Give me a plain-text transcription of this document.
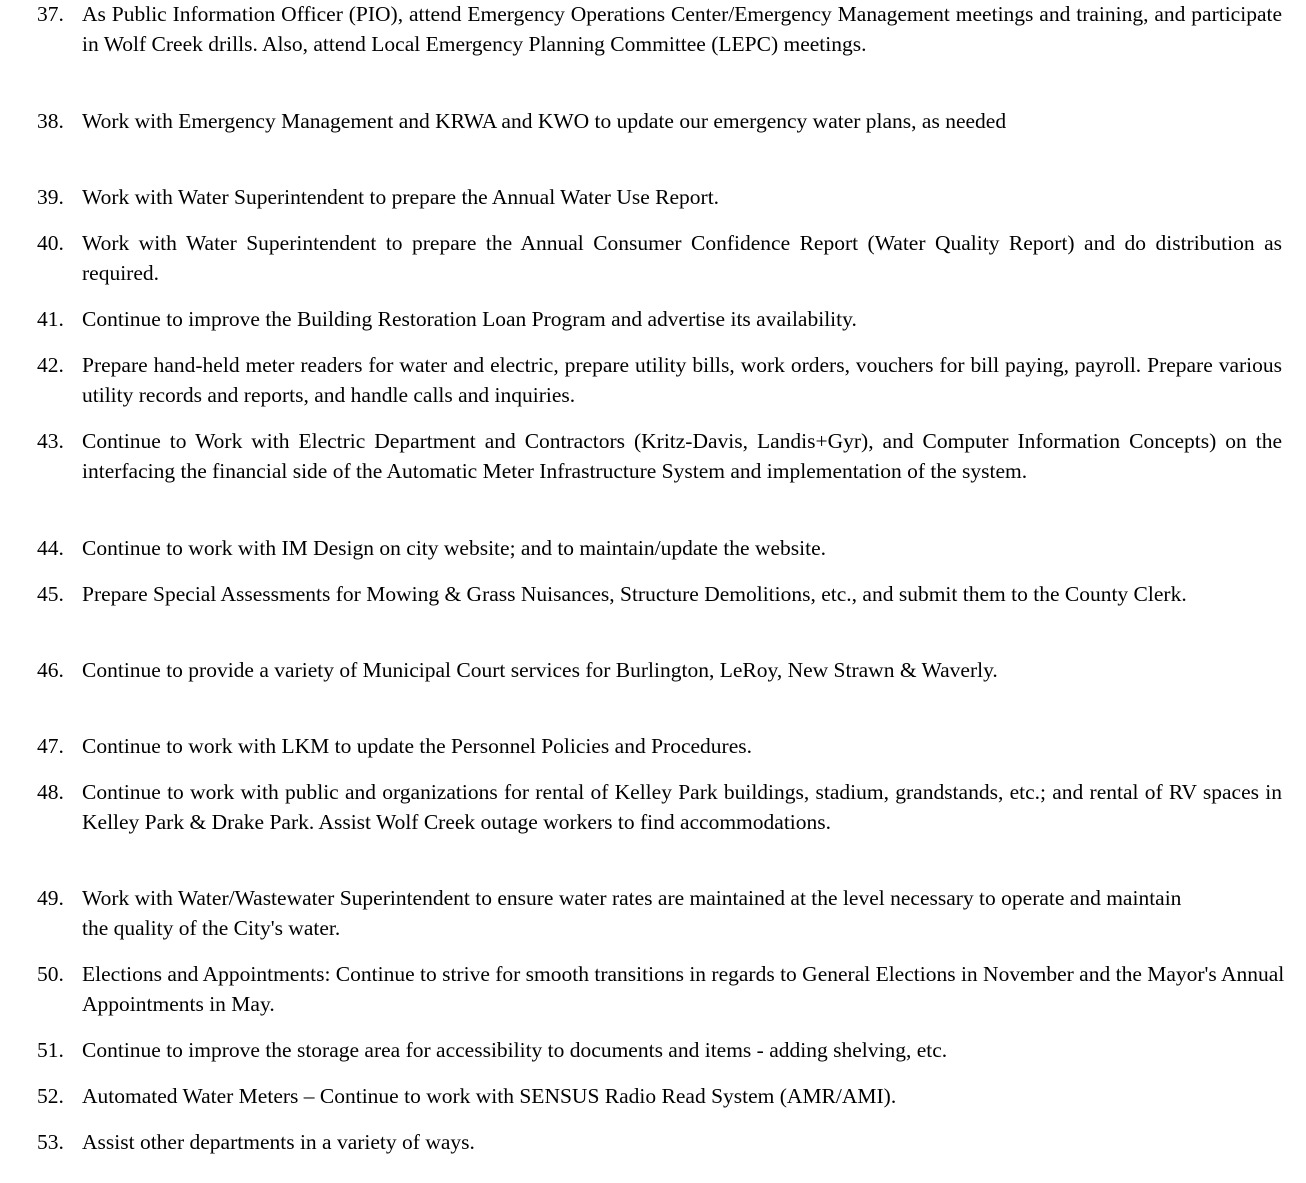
37. As Public Information Officer (PIO), attend Emergency Operations Center/Emergency Management meetings and training, and participate in Wolf Creek drills. Also, attend Local Emergency Planning Committee (LEPC) meetings.
38. Work with Emergency Management and KRWA and KWO to update our emergency water plans, as needed
39. Work with Water Superintendent to prepare the Annual Water Use Report.
40. Work with Water Superintendent to prepare the Annual Consumer Confidence Report (Water Quality Report) and do distribution as required.
41. Continue to improve the Building Restoration Loan Program and advertise its availability.
42. Prepare hand-held meter readers for water and electric, prepare utility bills, work orders, vouchers for bill paying, payroll. Prepare various utility records and reports, and handle calls and inquiries.
43. Continue to Work with Electric Department and Contractors (Kritz-Davis, Landis+Gyr), and Computer Information Concepts) on the interfacing the financial side of the Automatic Meter Infrastructure System and implementation of the system.
44. Continue to work with IM Design on city website; and to maintain/update the website.
45. Prepare Special Assessments for Mowing & Grass Nuisances, Structure Demolitions, etc., and submit them to the County Clerk.
46. Continue to provide a variety of Municipal Court services for Burlington, LeRoy, New Strawn & Waverly.
47. Continue to work with LKM to update the Personnel Policies and Procedures.
48. Continue to work with public and organizations for rental of Kelley Park buildings, stadium, grandstands, etc.; and rental of RV spaces in Kelley Park & Drake Park. Assist Wolf Creek outage workers to find accommodations.
49. Work with Water/Wastewater Superintendent to ensure water rates are maintained at the level necessary to operate and maintain the quality of the City's water.
50. Elections and Appointments: Continue to strive for smooth transitions in regards to General Elections in November and the Mayor's Annual Appointments in May.
51. Continue to improve the storage area for accessibility to documents and items - adding shelving, etc.
52. Automated Water Meters – Continue to work with SENSUS Radio Read System (AMR/AMI).
53. Assist other departments in a variety of ways.
